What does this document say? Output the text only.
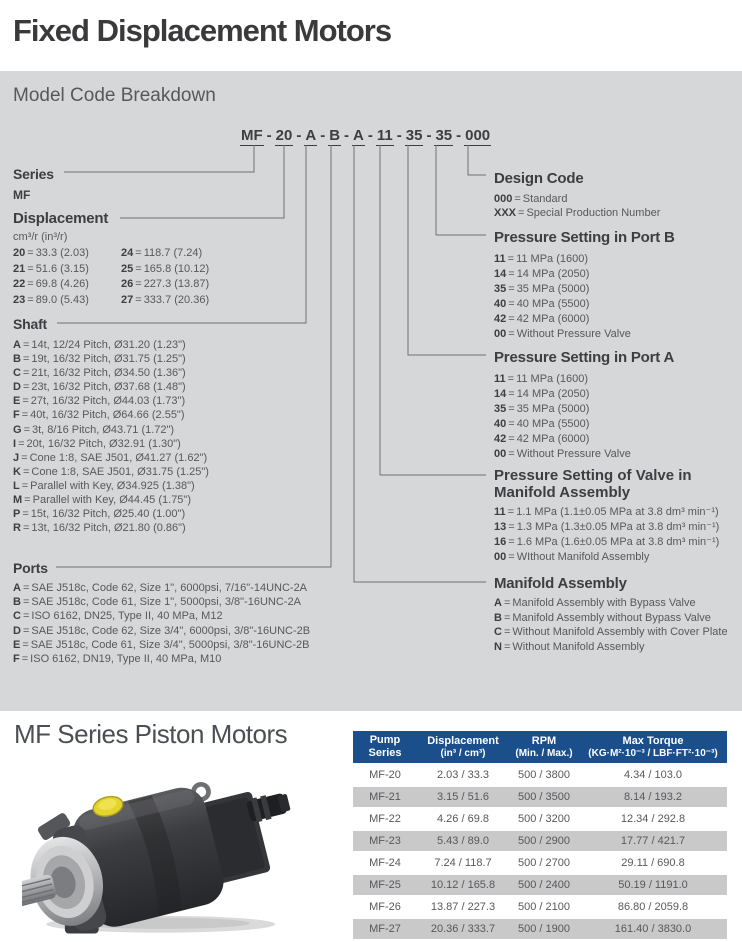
Fixed Displacement Motors

Model Code Breakdown

MF - 20 - A - B - A - 11 - 35 - 35 - 000
Series
MF
Displacement
cm³/r (in³/r)
20 = 33.3 (2.03)
21 = 51.6 (3.15)
22 = 69.8 (4.26)
23 = 89.0 (5.43)
24 = 118.7 (7.24)
25 = 165.8 (10.12)
26 = 227.3 (13.87)
27 = 333.7 (20.36)
Shaft
A = 14t, 12/24 Pitch, Ø31.20 (1.23")
B = 19t, 16/32 Pitch, Ø31.75 (1.25")
C = 21t, 16/32 Pitch, Ø34.50 (1.36")
D = 23t, 16/32 Pitch, Ø37.68 (1.48")
E = 27t, 16/32 Pitch, Ø44.03 (1.73")
F = 40t, 16/32 Pitch, Ø64.66 (2.55")
G = 3t, 8/16 Pitch, Ø43.71 (1.72")
I = 20t, 16/32 Pitch, Ø32.91 (1.30")
J = Cone 1:8, SAE J501, Ø41.27 (1.62")
K = Cone 1:8, SAE J501, Ø31.75 (1.25")
L = Parallel with Key, Ø34.925 (1.38")
M = Parallel with Key, Ø44.45 (1.75")
P = 15t, 16/32 Pitch, Ø25.40 (1.00")
R = 13t, 16/32 Pitch, Ø21.80 (0.86")
Ports
A = SAE J518c, Code 62, Size 1", 6000psi, 7/16"-14UNC-2A
B = SAE J518c, Code 61, Size 1", 5000psi, 3/8"-16UNC-2A
C = ISO 6162, DN25, Type II, 40 MPa, M12
D = SAE J518c, Code 62, Size 3/4", 6000psi, 3/8"-16UNC-2B
E = SAE J518c, Code 61, Size 3/4", 5000psi, 3/8"-16UNC-2B
F = ISO 6162, DN19, Type II, 40 MPa, M10
Design Code
000 = Standard
XXX = Special Production Number
Pressure Setting in Port B
11 = 11 MPa (1600)
14 = 14 MPa (2050)
35 = 35 MPa (5000)
40 = 40 MPa (5500)
42 = 42 MPa (6000)
00 = Without Pressure Valve
Pressure Setting in Port A
11 = 11 MPa (1600)
14 = 14 MPa (2050)
35 = 35 MPa (5000)
40 = 40 MPa (5500)
42 = 42 MPa (6000)
00 = Without Pressure Valve
Pressure Setting of Valve in
Manifold Assembly
11 = 1.1 MPa (1.1±0.05 MPa at 3.8 dm³ min⁻¹)
13 = 1.3 MPa (1.3±0.05 MPa at 3.8 dm³ min⁻¹)
16 = 1.6 MPa (1.6±0.05 MPa at 3.8 dm³ min⁻¹)
00 = WIthout Manifold Assembly
Manifold Assembly
A = Manifold Assembly with Bypass Valve
B = Manifold Assembly without Bypass Valve
C = Without Manifold Assembly with Cover Plate
N = Without Manifold Assembly
MF Series Piston Motors	Pump
Series

Displacement
(in³ / cm³)

RPM
(Min. / Max.)

Max Torque
(KG·M²·10⁻³ / LBF·FT²·10⁻³)

MF-20	2.03 / 33.3	500 / 3800	4.34 / 103.0
MF-21	3.15 / 51.6	500 / 3500	8.14 / 193.2
MF-22	4.26 / 69.8	500 / 3200	12.34 / 292.8
MF-23	5.43 / 89.0	500 / 2900	17.77 / 421.7
MF-24	7.24 / 118.7	500 / 2700	29.11 / 690.8
MF-25	10.12 / 165.8	500 / 2400	50.19 / 1191.0
MF-26	13.87 / 227.3	500 / 2100	86.80 / 2059.8
MF-27	20.36 / 333.7	500 / 1900	161.40 / 3830.0
